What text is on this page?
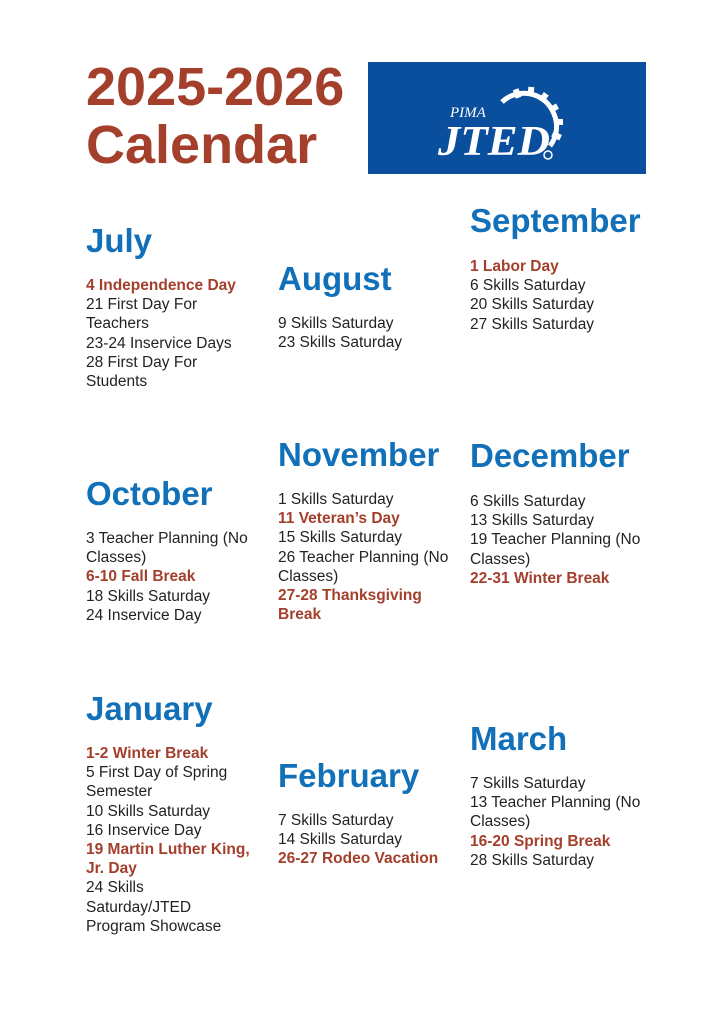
2025-2026
Calendar
PIMA
JTED
July
4 Independence Day
21 First Day For Teachers
23-24 Inservice Days
28 First Day For Students
August
9 Skills Saturday
23 Skills Saturday
September
1 Labor Day
6 Skills Saturday
20 Skills Saturday
27 Skills Saturday
October
3 Teacher Planning (No Classes)
6-10 Fall Break
18 Skills Saturday
24 Inservice Day
November
1 Skills Saturday
11 Veteran’s Day
15 Skills Saturday
26 Teacher Planning (No Classes)
27-28 Thanksgiving Break
December
6 Skills Saturday
13 Skills Saturday
19 Teacher Planning (No Classes)
22-31 Winter Break
January
1-2 Winter Break
5 First Day of Spring Semester
10 Skills Saturday
16 Inservice Day
19 Martin Luther King, Jr. Day
24 Skills Saturday/JTED Program Showcase
February
7 Skills Saturday
14 Skills Saturday
26-27 Rodeo Vacation
March
7 Skills Saturday
13 Teacher Planning (No Classes)
16-20 Spring Break
28 Skills Saturday
